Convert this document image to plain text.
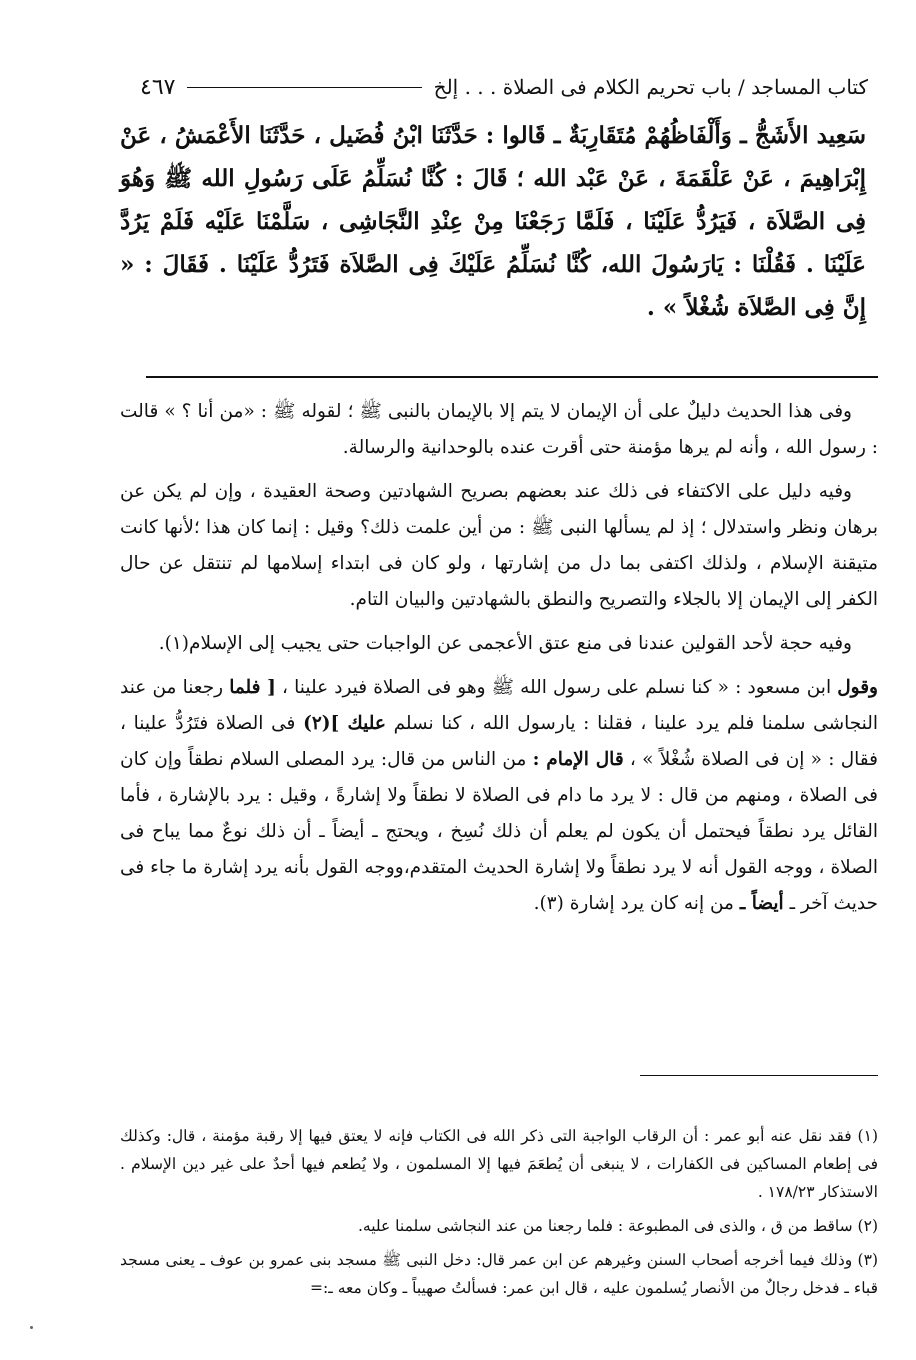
٤٦٧	كتاب المساجد / باب تحريم الكلام فى الصلاة . . . إلخ

سَعِيد الأَشَجُّ ـ وَأَلْفَاظُهُمْ مُتَقَارِبَةٌ ـ قَالوا : حَدَّثَنَا ابْنُ فُضَيل ، حَدَّثَنَا الأَعْمَشُ ، عَنْ إِبْرَاهِيمَ ، عَنْ عَلْقَمَةَ ، عَنْ عَبْد الله ؛ قَالَ : كُنَّا نُسَلِّمُ عَلَى رَسُولِ الله ﷺ وَهُوَ فِى الصَّلاَة ، فَيَرُدُّ عَلَيْنَا ، فَلَمَّا رَجَعْنَا مِنْ عِنْدِ النَّجَاشِى ، سَلَّمْنَا عَلَيْه فَلَمْ يَرُدَّ عَلَيْنَا . فَقُلْنَا : يَارَسُولَ الله، كُنَّا نُسَلِّمُ عَلَيْكَ فِى الصَّلاَة فَتَرُدُّ عَلَيْنَا . فَقَالَ : « إِنَّ فِى الصَّلاَة شُغْلاً » .

وفى هذا الحديث دليلٌ على أن الإيمان لا يتم إلا بالإيمان بالنبى ﷺ ؛ لقوله ﷺ : «من أنا ؟ » قالت : رسول الله ، وأنه لم يرها مؤمنة حتى أقرت عنده بالوحدانية والرسالة.

وفيه دليل على الاكتفاء فى ذلك عند بعضهم بصريح الشهادتين وصحة العقيدة ، وإن لم يكن عن برهان ونظر واستدلال ؛ إذ لم يسألها النبى ﷺ : من أين علمت ذلك؟ وقيل : إنما كان هذا ؛لأنها كانت متيقنة الإسلام ، ولذلك اكتفى بما دل من إشارتها ، ولو كان فى ابتداء إسلامها لم تنتقل عن حال الكفر إلى الإيمان إلا بالجلاء والتصريح والنطق بالشهادتين والبيان التام.

وفيه حجة لأحد القولين عندنا فى منع عتق الأعجمى عن الواجبات حتى يجيب إلى الإسلام(١).

وقول ابن مسعود : « كنا نسلم على رسول الله ﷺ وهو فى الصلاة فيرد علينا ، [ فلما رجعنا من عند النجاشى سلمنا فلم يرد علينا ، فقلنا : يارسول الله ، كنا نسلم عليك ](٢) فى الصلاة فتَرُدُّ علينا ، فقال : « إن فى الصلاة شُغْلاً » ، قال الإمام : من الناس من قال: يرد المصلى السلام نطقاً وإن كان فى الصلاة ، ومنهم من قال : لا يرد ما دام فى الصلاة لا نطقاً ولا إشارةً ، وقيل : يرد بالإشارة ، فأما القائل يرد نطقاً فيحتمل أن يكون لم يعلم أن ذلك نُسِخ ، ويحتج ـ أيضاً ـ أن ذلك نوعٌ مما يباح فى الصلاة ، ووجه القول أنه لا يرد نطقاً ولا إشارة الحديث المتقدم،ووجه القول بأنه يرد إشارة ما جاء فى حديث آخر ـ أيضاً ـ من إنه كان يرد إشارة (٣).

(١) فقد نقل عنه أبو عمر : أن الرقاب الواجبة التى ذكر الله فى الكتاب فإنه لا يعتق فيها إلا رقبة مؤمنة ، قال: وكذلك فى إطعام المساكين فى الكفارات ، لا ينبغى أن يُطعَمَ فيها إلا المسلمون ، ولا يُطعم فيها أحدٌ على غير دين الإسلام . الاستذكار ١٧٨/٢٣ .

(٢) ساقط من ق ، والذى فى المطبوعة : فلما رجعنا من عند النجاشى سلمنا عليه.

(٣) وذلك فيما أخرجه أصحاب السنن وغيرهم عن ابن عمر قال: دخل النبى ﷺ مسجد بنى عمرو بن عوف ـ يعنى مسجد قباء ـ فدخل رجالٌ من الأنصار يُسلمون عليه ، قال ابن عمر: فسألتُ صهيباً ـ وكان معه ـ:=
